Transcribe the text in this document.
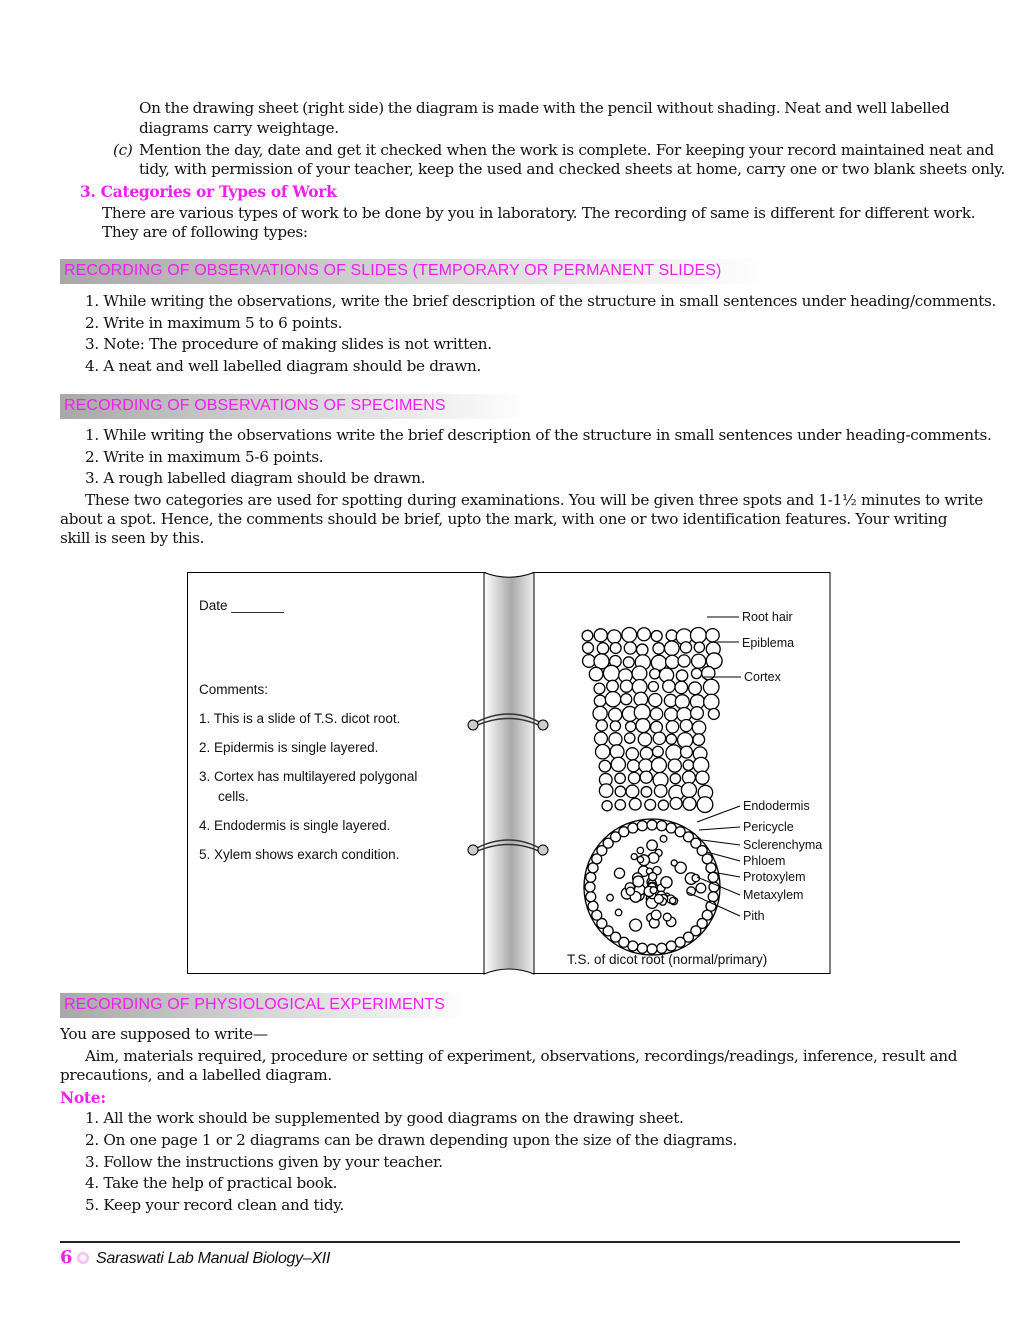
On the drawing sheet (right side) the diagram is made with the pencil without shading. Neat and well labelled
diagrams carry weightage.
(c) Mention the day, date and get it checked when the work is complete. For keeping your record maintained neat and
tidy, with permission of your teacher, keep the used and checked sheets at home, carry one or two blank sheets only.
3. Categories or Types of Work
There are various types of work to be done by you in laboratory. The recording of same is different for different work.
They are of following types:
RECORDING OF OBSERVATIONS OF SLIDES (TEMPORARY OR PERMANENT SLIDES)
1. While writing the observations, write the brief description of the structure in small sentences under heading/comments.
2. Write in maximum 5 to 6 points.
3. Note: The procedure of making slides is not written.
4. A neat and well labelled diagram should be drawn.
RECORDING OF OBSERVATIONS OF SPECIMENS
1. While writing the observations write the brief description of the structure in small sentences under heading-comments.
2. Write in maximum 5-6 points.
3. A rough labelled diagram should be drawn.
These two categories are used for spotting during examinations. You will be given three spots and 1-1½ minutes to write
about a spot. Hence, the comments should be brief, upto the mark, with one or two identification features. Your writing
skill is seen by this.
Date _______
Comments:
1. This is a slide of T.S. dicot root.
2. Epidermis is single layered.
3. Cortex has multilayered polygonal
cells.
4. Endodermis is single layered.
5. Xylem shows exarch condition.
Root hair
Epiblema
Cortex
Endodermis
Pericycle
Sclerenchyma
Phloem
Protoxylem
Metaxylem
Pith
T.S. of dicot root (normal/primary)
RECORDING OF PHYSIOLOGICAL EXPERIMENTS
You are supposed to write—
Aim, materials required, procedure or setting of experiment, observations, recordings/readings, inference, result and
precautions, and a labelled diagram.
Note:
1. All the work should be supplemented by good diagrams on the drawing sheet.
2. On one page 1 or 2 diagrams can be drawn depending upon the size of the diagrams.
3. Follow the instructions given by your teacher.
4. Take the help of practical book.
5. Keep your record clean and tidy.
6 Saraswati Lab Manual Biology–XII
